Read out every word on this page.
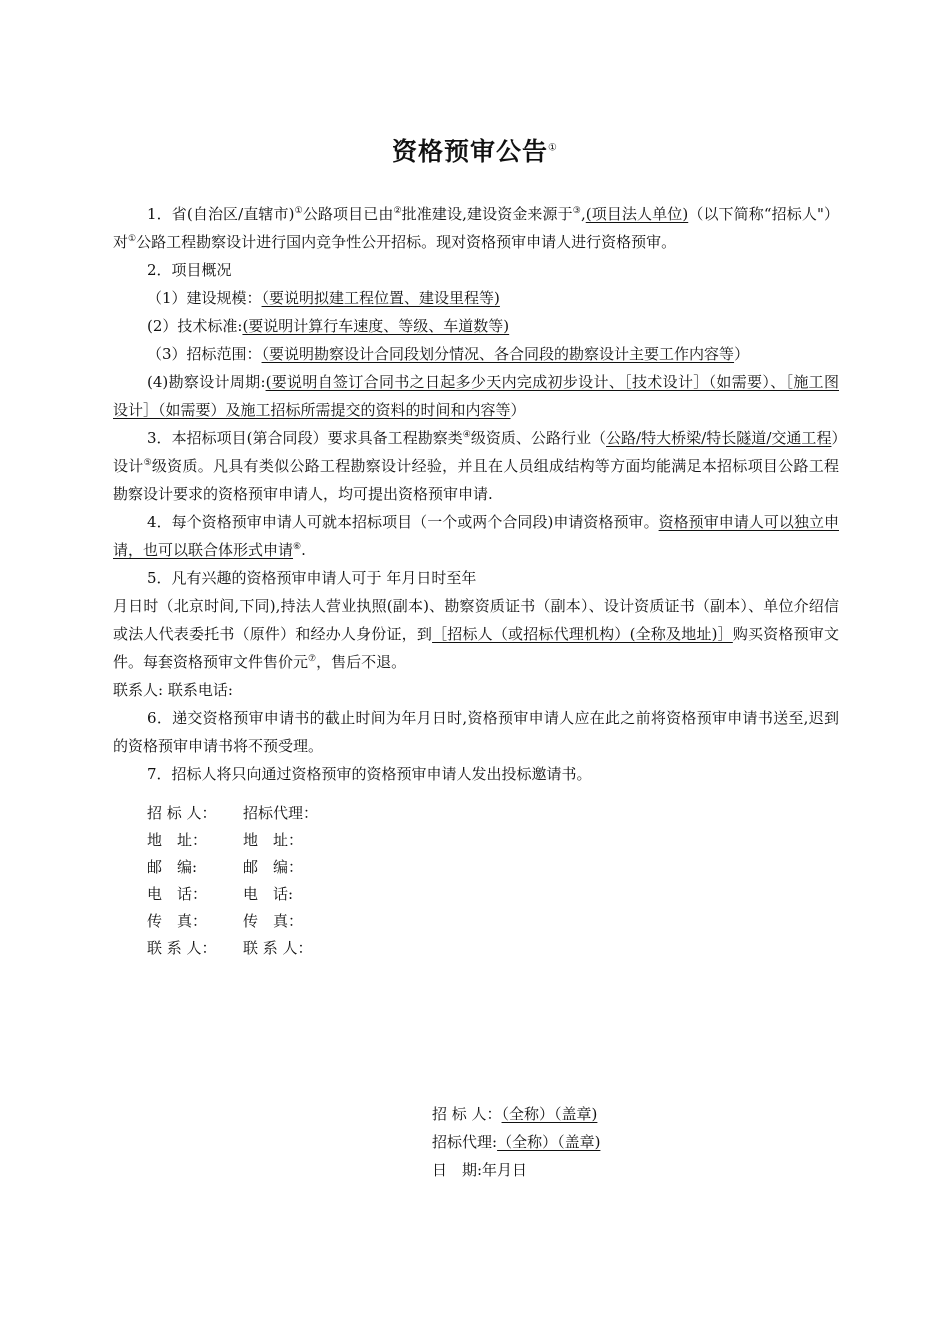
资格预审公告①

1．省(自治区/直辖市)①公路项目已由②批准建设,建设资金来源于③,(项目法人单位)（以下简称“招标人"）对①公路工程勘察设计进行国内竞争性公开招标。现对资格预审申请人进行资格预审。

2．项目概况

（1）建设规模：（要说明拟建工程位置、建设里程等)

(2）技术标准:(要说明计算行车速度、等级、车道数等)

（3）招标范围：（要说明勘察设计合同段划分情况、各合同段的勘察设计主要工作内容等）

(4)勘察设计周期:(要说明自签订合同书之日起多少天内完成初步设计、［技术设计］（如需要）、［施工图设计］（如需要）及施工招标所需提交的资料的时间和内容等）

3．本招标项目(第合同段）要求具备工程勘察类④级资质、公路行业（公路/特大桥梁/特长隧道/交通工程）设计⑤级资质。凡具有类似公路工程勘察设计经验，并且在人员组成结构等方面均能满足本招标项目公路工程勘察设计要求的资格预审申请人，均可提出资格预审申请.

4．每个资格预审申请人可就本招标项目（一个或两个合同段)申请资格预审。资格预审申请人可以独立申请，也可以联合体形式申请⑥.

5．凡有兴趣的资格预审申请人可于 年月日时至年

月日时（北京时间,下同),持法人营业执照(副本)、勘察资质证书（副本）、设计资质证书（副本）、单位介绍信或法人代表委托书（原件）和经办人身份证，到［招标人（或招标代理机构）(全称及地址)］购买资格预审文件。每套资格预审文件售价元⑦，售后不退。

联系人: 联系电话:

6．递交资格预审申请书的截止时间为年月日时,资格预审申请人应在此之前将资格预审申请书送至,迟到的资格预审申请书将不预受理。

7．招标人将只向通过资格预审的资格预审申请人发出投标邀请书。

招 标 人：	招标代理：
地　址：	地　址：
邮　编:	邮　编：
电　话：	电　话:
传　真：	传　真：
联 系 人：	联 系 人：
招 标 人：（全称）（盖章)
招标代理:（全称）（盖章)
日　期:年月日
